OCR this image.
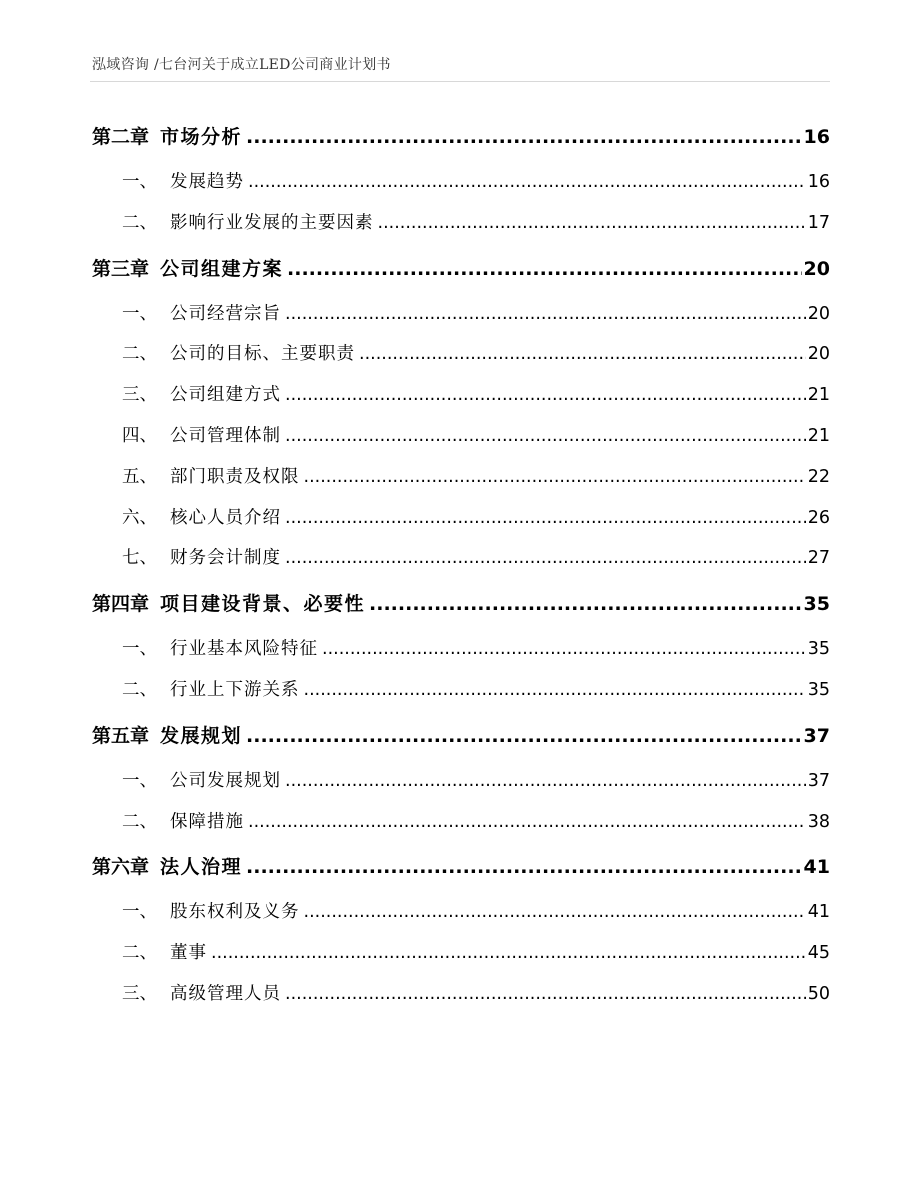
泓域咨询 /七台河关于成立LED公司商业计划书
第二章 市场分析 .....	16
一、 发展趋势 .....	16
二、 影响行业发展的主要因素 .....	17
第三章 公司组建方案 .....	20
一、 公司经营宗旨 .....	20
二、 公司的目标、主要职责 .....	20
三、 公司组建方式 .....	21
四、 公司管理体制 .....	21
五、 部门职责及权限 .....	22
六、 核心人员介绍 .....	26
七、 财务会计制度 .....	27
第四章 项目建设背景、必要性 .....	35
一、 行业基本风险特征 .....	35
二、 行业上下游关系 .....	35
第五章 发展规划 .....	37
一、 公司发展规划 .....	37
二、 保障措施 .....	38
第六章 法人治理 .....	41
一、 股东权利及义务 .....	41
二、 董事 .....	45
三、 高级管理人员 .....	50
